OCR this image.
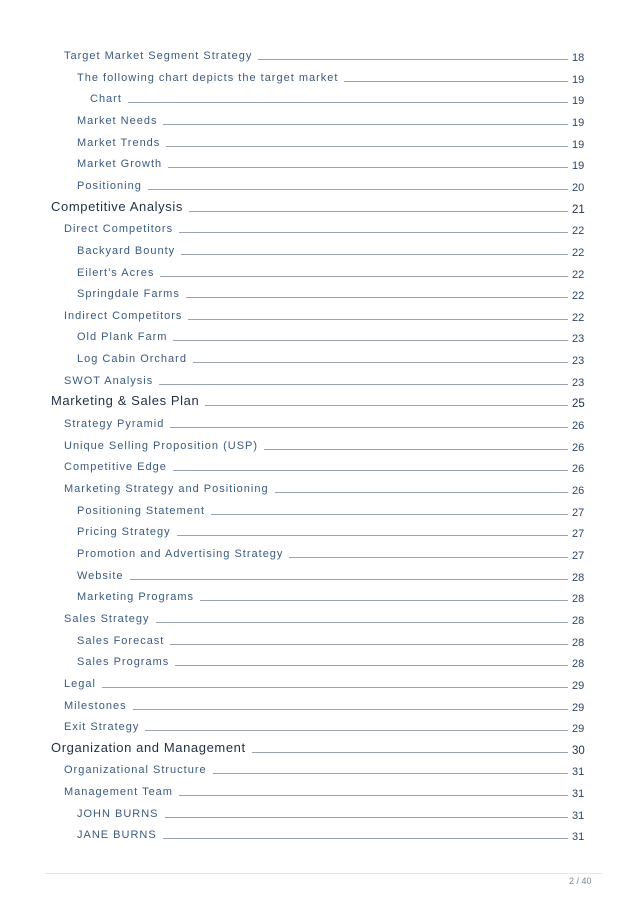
Target Market Segment Strategy	18
The following chart depicts the target market	19
Chart	19
Market Needs	19
Market Trends	19
Market Growth	19
Positioning	20
Competitive Analysis	21
Direct Competitors	22
Backyard Bounty	22
Eilert’s Acres	22
Springdale Farms	22
Indirect Competitors	22
Old Plank Farm	23
Log Cabin Orchard	23
SWOT Analysis	23
Marketing & Sales Plan	25
Strategy Pyramid	26
Unique Selling Proposition (USP)	26
Competitive Edge	26
Marketing Strategy and Positioning	26
Positioning Statement	27
Pricing Strategy	27
Promotion and Advertising Strategy	27
Website	28
Marketing Programs	28
Sales Strategy	28
Sales Forecast	28
Sales Programs	28
Legal	29
Milestones	29
Exit Strategy	29
Organization and Management	30
Organizational Structure	31
Management Team	31
JOHN BURNS	31
JANE BURNS	31
2 / 40
